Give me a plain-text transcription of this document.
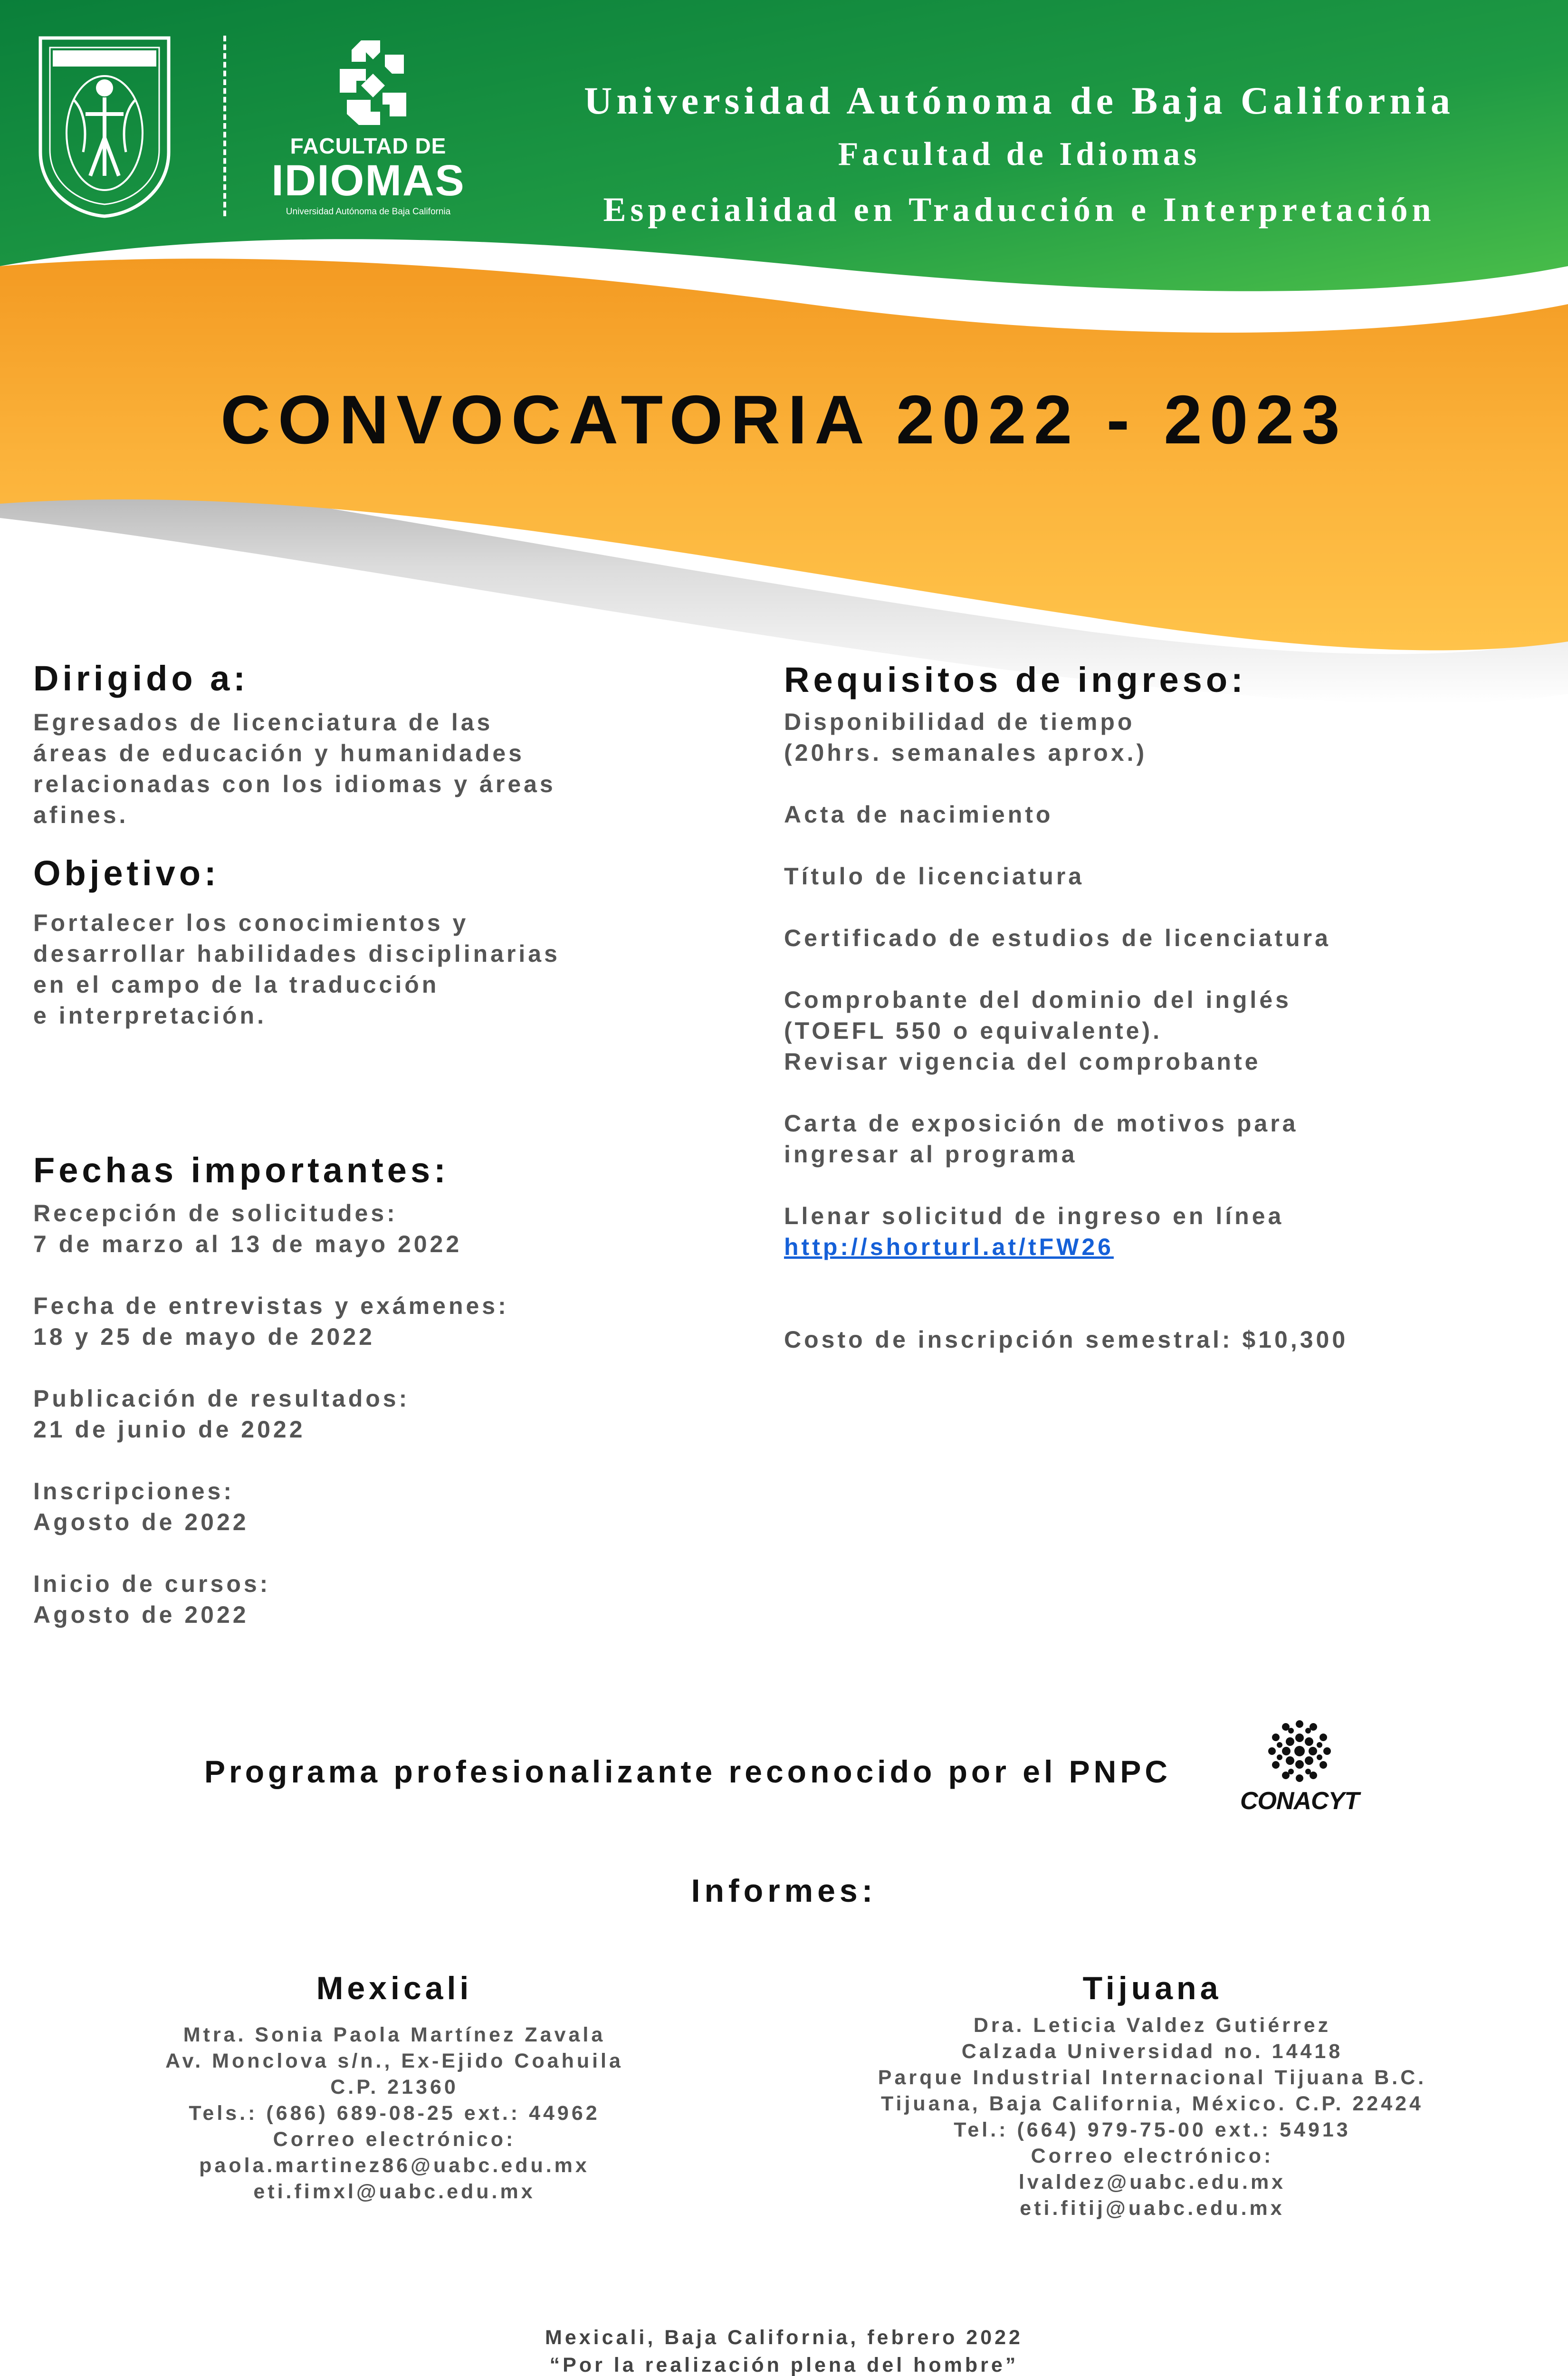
FACULTAD DE
IDIOMAS
Universidad Autónoma de Baja California
Universidad Autónoma de Baja California
Facultad de Idiomas
Especialidad en Traducción e Interpretación
CONVOCATORIA 2022 - 2023
Dirigido a:
Egresados de licenciatura de las
áreas de educación y humanidades
relacionadas con los idiomas y áreas
afines.
Objetivo:
Fortalecer los conocimientos y
desarrollar habilidades disciplinarias
en el campo de la traducción
e interpretación.
Fechas importantes:
Recepción de solicitudes:
7 de marzo al 13 de mayo 2022
Fecha de entrevistas y exámenes:
18 y 25 de mayo de 2022
Publicación de resultados:
21 de junio de 2022
Inscripciones:
Agosto de 2022
Inicio de cursos:
Agosto de 2022
Requisitos de ingreso:
Disponibilidad de tiempo
(20hrs. semanales aprox.)
Acta de nacimiento
Título de licenciatura
Certificado de estudios de licenciatura
Comprobante del dominio del inglés
(TOEFL 550 o equivalente).
Revisar vigencia del comprobante
Carta de exposición de motivos para
ingresar al programa
Llenar solicitud de ingreso en línea
http://shorturl.at/tFW26
Costo de inscripción semestral: $10,300
Programa profesionalizante reconocido por el PNPC
CONACYT
Informes:
Mexicali
Mtra. Sonia Paola Martínez Zavala
Av. Monclova s/n., Ex-Ejido Coahuila
C.P. 21360
Tels.: (686) 689-08-25 ext.: 44962
Correo electrónico:
paola.martinez86@uabc.edu.mx
eti.fimxl@uabc.edu.mx
Tijuana
Dra. Leticia Valdez Gutiérrez
Calzada Universidad no. 14418
Parque Industrial Internacional Tijuana B.C.
Tijuana, Baja California, México. C.P. 22424
Tel.: (664) 979-75-00 ext.: 54913
Correo electrónico:
lvaldez@uabc.edu.mx
eti.fitij@uabc.edu.mx
Mexicali, Baja California, febrero 2022
“Por la realización plena del hombre”
